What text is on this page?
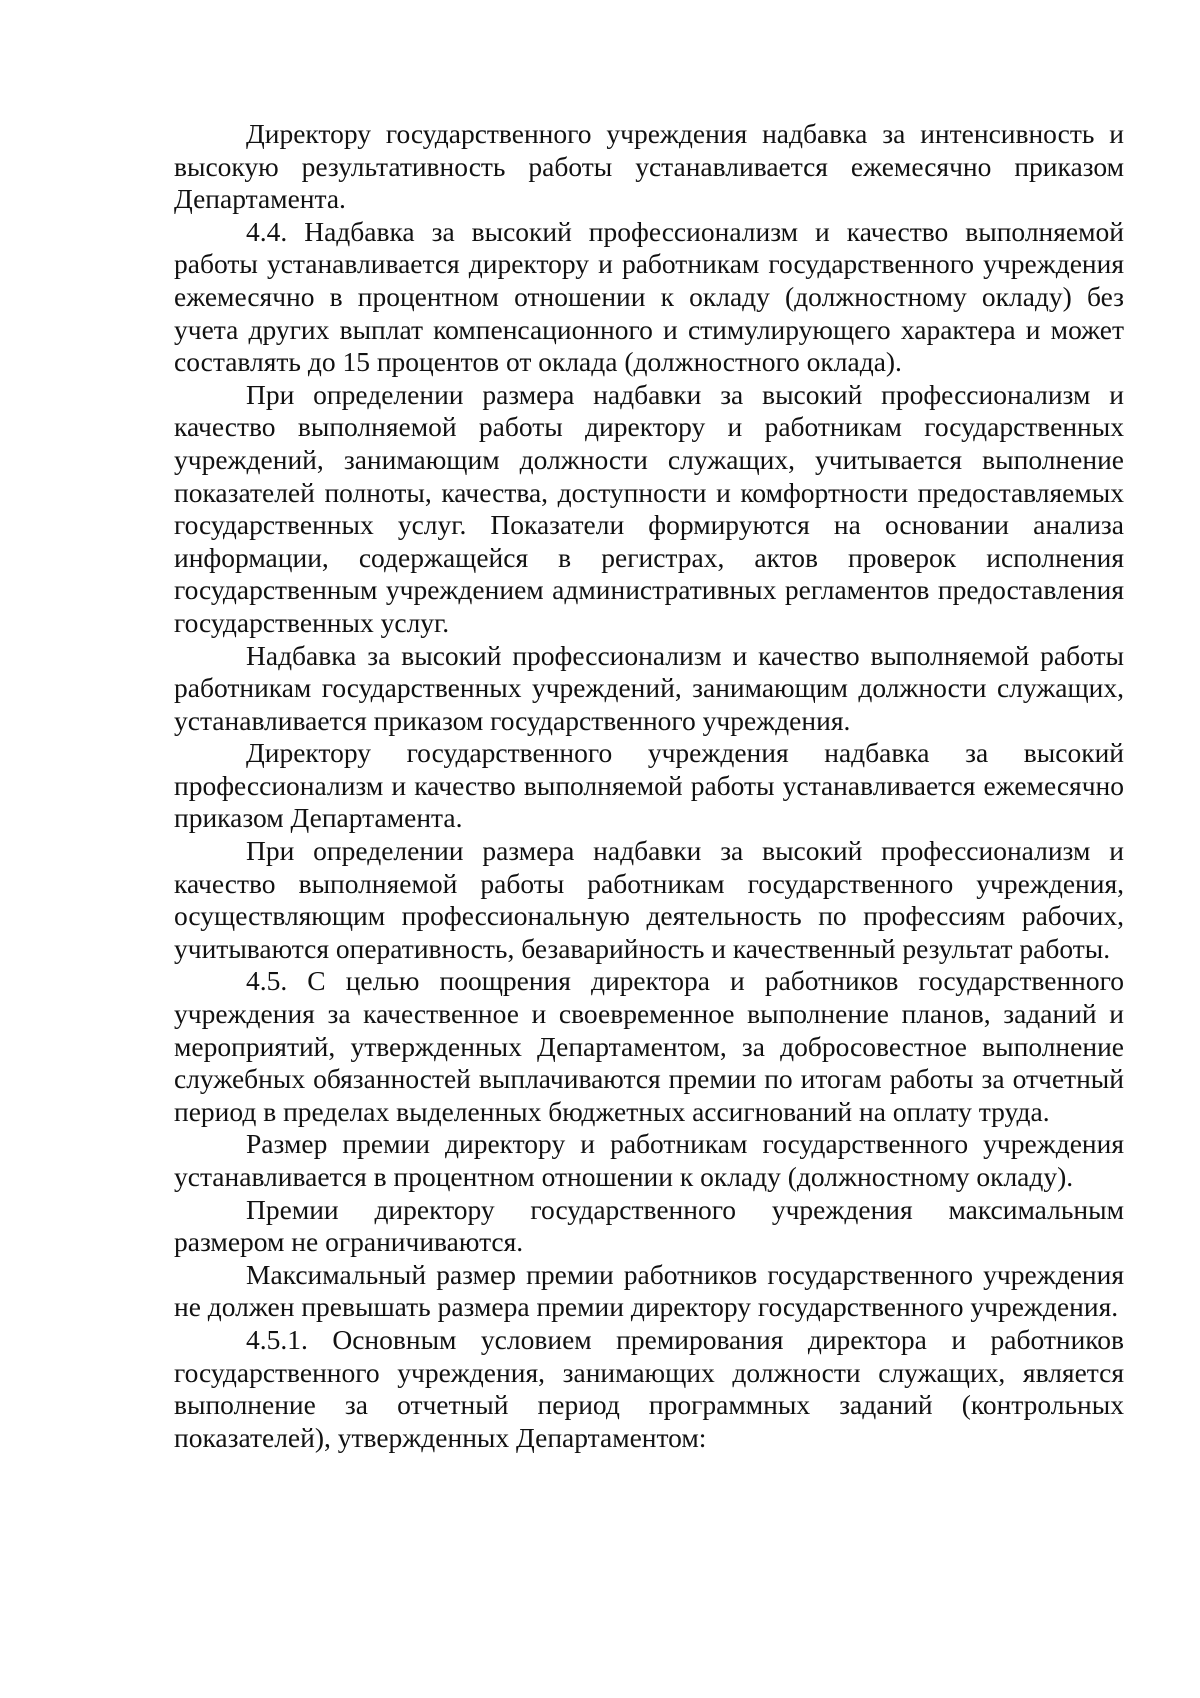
Директору государственного учреждения надбавка за интенсивность и высокую результативность работы устанавливается ежемесячно приказом Департамента.

4.4. Надбавка за высокий профессионализм и качество выполняемой работы устанавливается директору и работникам государственного учреждения ежемесячно в процентном отношении к окладу (должностному окладу) без учета других выплат компенсационного и стимулирующего характера и может составлять до 15 процентов от оклада (должностного оклада).

При определении размера надбавки за высокий профессионализм и качество выполняемой работы директору и работникам государственных учреждений, занимающим должности служащих, учитывается выполнение показателей полноты, качества, доступности и комфортности предоставляемых государственных услуг. Показатели формируются на основании анализа информации, содержащейся в регистрах, актов проверок исполнения государственным учреждением административных регламентов предоставления государственных услуг.

Надбавка за высокий профессионализм и качество выполняемой работы работникам государственных учреждений, занимающим должности служащих, устанавливается приказом государственного учреждения.

Директору государственного учреждения надбавка за высокий профессионализм и качество выполняемой работы устанавливается ежемесячно приказом Департамента.

При определении размера надбавки за высокий профессионализм и качество выполняемой работы работникам государственного учреждения, осуществляющим профессиональную деятельность по профессиям рабочих, учитываются оперативность, безаварийность и качественный результат работы.

4.5. С целью поощрения директора и работников государственного учреждения за качественное и своевременное выполнение планов, заданий и мероприятий, утвержденных Департаментом, за добросовестное выполнение служебных обязанностей выплачиваются премии по итогам работы за отчетный период в пределах выделенных бюджетных ассигнований на оплату труда.

Размер премии директору и работникам государственного учреждения устанавливается в процентном отношении к окладу (должностному окладу).

Премии директору государственного учреждения максимальным размером не ограничиваются.

Максимальный размер премии работников государственного учреждения не должен превышать размера премии директору государственного учреждения.

4.5.1. Основным условием премирования директора и работников государственного учреждения, занимающих должности служащих, является выполнение за отчетный период программных заданий (контрольных показателей), утвержденных Департаментом:
